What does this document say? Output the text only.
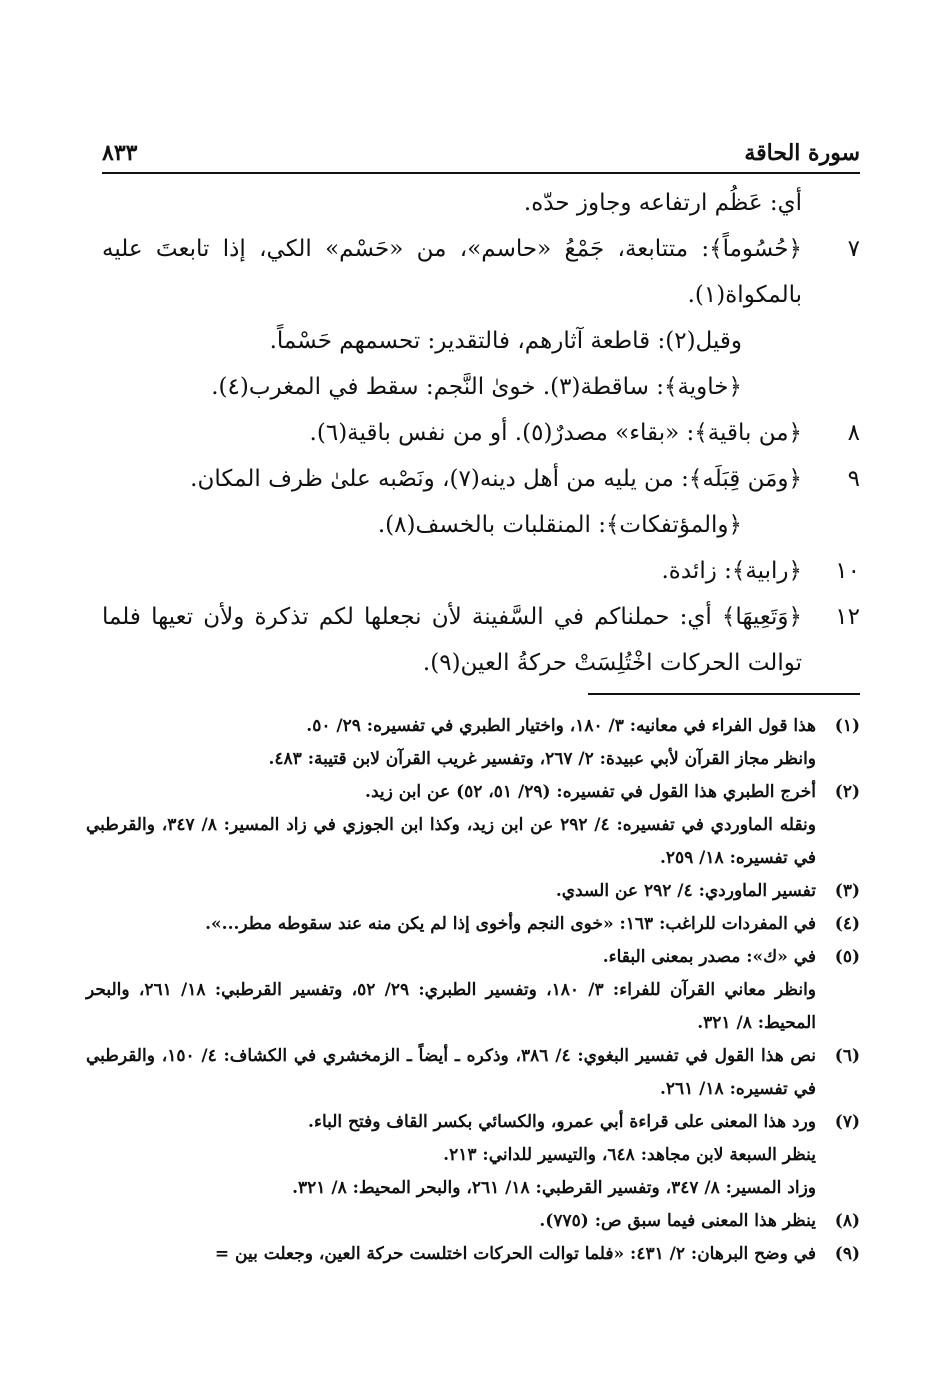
سورة الحاقة
٨٣٣
أي: عَظُم ارتفاعه وجاوز حدّه.
٧
﴿حُسُوماً﴾: متتابعة، جَمْعُ «حاسم»، من «حَسْم» الكي، إذا تابعتَ عليه بالمكواة(١).
وقيل(٢): قاطعة آثارهم، فالتقدير: تحسمهم حَسْماً.
﴿خاوية﴾: ساقطة(٣). خوىٰ النَّجم: سقط في المغرب(٤).
٨
﴿من باقية﴾: «بقاء» مصدرٌ(٥). أو من نفس باقية(٦).
٩
﴿ومَن قِبَلَه﴾: من يليه من أهل دينه(٧)، ونَصْبه علىٰ ظرف المكان.
﴿والمؤتفكات﴾: المنقلبات بالخسف(٨).
١٠
﴿رابية﴾: زائدة.
١٢
﴿وَتَعِيهَا﴾ أي: حملناكم في السَّفينة لأن نجعلها لكم تذكرة ولأن تعيها فلما توالت الحركات اخْتُلِسَتْ حركةُ العين(٩).
(١)
هذا قول الفراء في معانيه: ٣/ ١٨٠، واختيار الطبري في تفسيره: ٢٩/ ٥٠.
وانظر مجاز القرآن لأبي عبيدة: ٢/ ٢٦٧، وتفسير غريب القرآن لابن قتيبة: ٤٨٣.
(٢)
أخرج الطبري هذا القول في تفسيره: (٢٩/ ٥١، ٥٢) عن ابن زيد.
ونقله الماوردي في تفسيره: ٤/ ٢٩٢ عن ابن زيد، وكذا ابن الجوزي في زاد المسير: ٨/ ٣٤٧، والقرطبي في تفسيره: ١٨/ ٢٥٩.
(٣)
تفسير الماوردي: ٤/ ٢٩٢ عن السدي.
(٤)
في المفردات للراغب: ١٦٣: «خوى النجم وأخوى إذا لم يكن منه عند سقوطه مطر...».
(٥)
في «ك»: مصدر بمعنى البقاء.
وانظر معاني القرآن للفراء: ٣/ ١٨٠، وتفسير الطبري: ٢٩/ ٥٢، وتفسير القرطبي: ١٨/ ٢٦١، والبحر المحيط: ٨/ ٣٢١.
(٦)
نص هذا القول في تفسير البغوي: ٤/ ٣٨٦، وذكره ـ أيضاً ـ الزمخشري في الكشاف: ٤/ ١٥٠، والقرطبي في تفسيره: ١٨/ ٢٦١.
(٧)
ورد هذا المعنى على قراءة أبي عمرو، والكسائي بكسر القاف وفتح الباء.
ينظر السبعة لابن مجاهد: ٦٤٨، والتيسير للداني: ٢١٣.
وزاد المسير: ٨/ ٣٤٧، وتفسير القرطبي: ١٨/ ٢٦١، والبحر المحيط: ٨/ ٣٢١.
(٨)
ينظر هذا المعنى فيما سبق ص: (٧٧٥).
(٩)
في وضح البرهان: ٢/ ٤٣١: «فلما توالت الحركات اختلست حركة العين، وجعلت بين =
